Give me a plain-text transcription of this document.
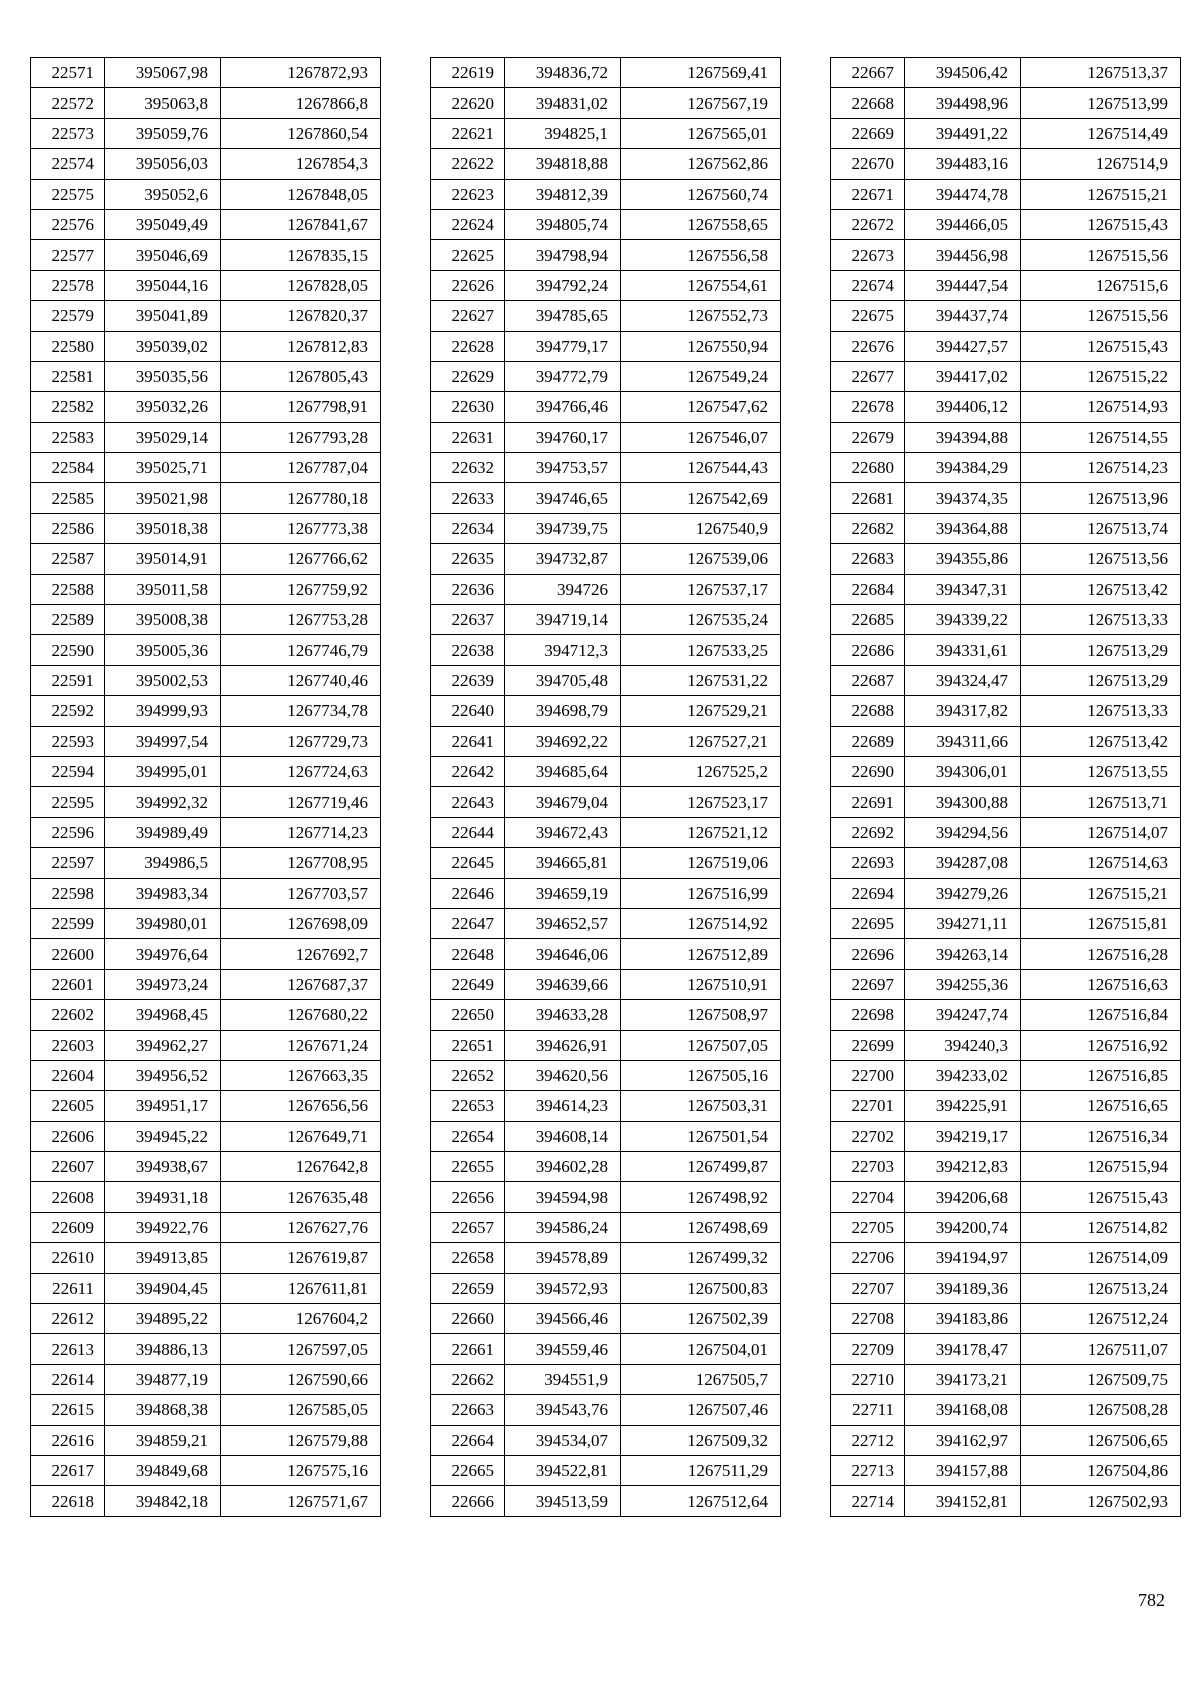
22571	395067,98	1267872,93
22572	395063,8	1267866,8
22573	395059,76	1267860,54
22574	395056,03	1267854,3
22575	395052,6	1267848,05
22576	395049,49	1267841,67
22577	395046,69	1267835,15
22578	395044,16	1267828,05
22579	395041,89	1267820,37
22580	395039,02	1267812,83
22581	395035,56	1267805,43
22582	395032,26	1267798,91
22583	395029,14	1267793,28
22584	395025,71	1267787,04
22585	395021,98	1267780,18
22586	395018,38	1267773,38
22587	395014,91	1267766,62
22588	395011,58	1267759,92
22589	395008,38	1267753,28
22590	395005,36	1267746,79
22591	395002,53	1267740,46
22592	394999,93	1267734,78
22593	394997,54	1267729,73
22594	394995,01	1267724,63
22595	394992,32	1267719,46
22596	394989,49	1267714,23
22597	394986,5	1267708,95
22598	394983,34	1267703,57
22599	394980,01	1267698,09
22600	394976,64	1267692,7
22601	394973,24	1267687,37
22602	394968,45	1267680,22
22603	394962,27	1267671,24
22604	394956,52	1267663,35
22605	394951,17	1267656,56
22606	394945,22	1267649,71
22607	394938,67	1267642,8
22608	394931,18	1267635,48
22609	394922,76	1267627,76
22610	394913,85	1267619,87
22611	394904,45	1267611,81
22612	394895,22	1267604,2
22613	394886,13	1267597,05
22614	394877,19	1267590,66
22615	394868,38	1267585,05
22616	394859,21	1267579,88
22617	394849,68	1267575,16
22618	394842,18	1267571,67
22619	394836,72	1267569,41
22620	394831,02	1267567,19
22621	394825,1	1267565,01
22622	394818,88	1267562,86
22623	394812,39	1267560,74
22624	394805,74	1267558,65
22625	394798,94	1267556,58
22626	394792,24	1267554,61
22627	394785,65	1267552,73
22628	394779,17	1267550,94
22629	394772,79	1267549,24
22630	394766,46	1267547,62
22631	394760,17	1267546,07
22632	394753,57	1267544,43
22633	394746,65	1267542,69
22634	394739,75	1267540,9
22635	394732,87	1267539,06
22636	394726	1267537,17
22637	394719,14	1267535,24
22638	394712,3	1267533,25
22639	394705,48	1267531,22
22640	394698,79	1267529,21
22641	394692,22	1267527,21
22642	394685,64	1267525,2
22643	394679,04	1267523,17
22644	394672,43	1267521,12
22645	394665,81	1267519,06
22646	394659,19	1267516,99
22647	394652,57	1267514,92
22648	394646,06	1267512,89
22649	394639,66	1267510,91
22650	394633,28	1267508,97
22651	394626,91	1267507,05
22652	394620,56	1267505,16
22653	394614,23	1267503,31
22654	394608,14	1267501,54
22655	394602,28	1267499,87
22656	394594,98	1267498,92
22657	394586,24	1267498,69
22658	394578,89	1267499,32
22659	394572,93	1267500,83
22660	394566,46	1267502,39
22661	394559,46	1267504,01
22662	394551,9	1267505,7
22663	394543,76	1267507,46
22664	394534,07	1267509,32
22665	394522,81	1267511,29
22666	394513,59	1267512,64
22667	394506,42	1267513,37
22668	394498,96	1267513,99
22669	394491,22	1267514,49
22670	394483,16	1267514,9
22671	394474,78	1267515,21
22672	394466,05	1267515,43
22673	394456,98	1267515,56
22674	394447,54	1267515,6
22675	394437,74	1267515,56
22676	394427,57	1267515,43
22677	394417,02	1267515,22
22678	394406,12	1267514,93
22679	394394,88	1267514,55
22680	394384,29	1267514,23
22681	394374,35	1267513,96
22682	394364,88	1267513,74
22683	394355,86	1267513,56
22684	394347,31	1267513,42
22685	394339,22	1267513,33
22686	394331,61	1267513,29
22687	394324,47	1267513,29
22688	394317,82	1267513,33
22689	394311,66	1267513,42
22690	394306,01	1267513,55
22691	394300,88	1267513,71
22692	394294,56	1267514,07
22693	394287,08	1267514,63
22694	394279,26	1267515,21
22695	394271,11	1267515,81
22696	394263,14	1267516,28
22697	394255,36	1267516,63
22698	394247,74	1267516,84
22699	394240,3	1267516,92
22700	394233,02	1267516,85
22701	394225,91	1267516,65
22702	394219,17	1267516,34
22703	394212,83	1267515,94
22704	394206,68	1267515,43
22705	394200,74	1267514,82
22706	394194,97	1267514,09
22707	394189,36	1267513,24
22708	394183,86	1267512,24
22709	394178,47	1267511,07
22710	394173,21	1267509,75
22711	394168,08	1267508,28
22712	394162,97	1267506,65
22713	394157,88	1267504,86
22714	394152,81	1267502,93
782
